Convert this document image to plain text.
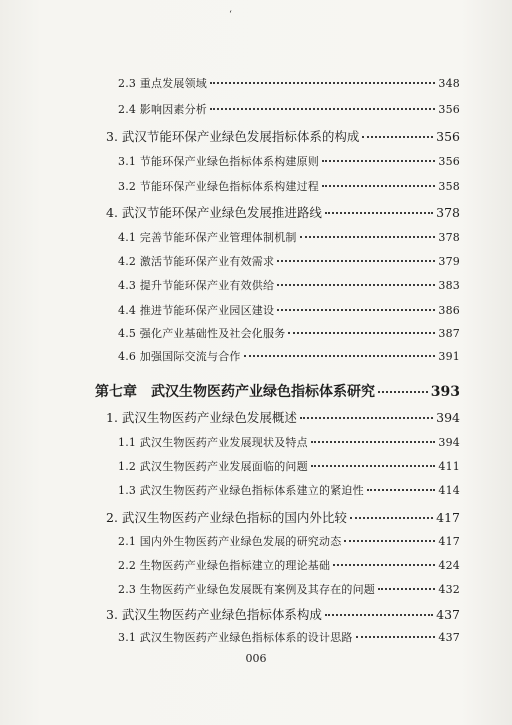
‘
2.3 重点发展领域	348
2.4 影响因素分析	356
3. 武汉节能环保产业绿色发展指标体系的构成	356
3.1 节能环保产业绿色指标体系构建原则	356
3.2 节能环保产业绿色指标体系构建过程	358
4. 武汉节能环保产业绿色发展推进路线	378
4.1 完善节能环保产业管理体制机制	378
4.2 激活节能环保产业有效需求	379
4.3 提升节能环保产业有效供给	383
4.4 推进节能环保产业园区建设	386
4.5 强化产业基础性及社会化服务	387
4.6 加强国际交流与合作	391
第七章　武汉生物医药产业绿色指标体系研究	393
1. 武汉生物医药产业绿色发展概述	394
1.1 武汉生物医药产业发展现状及特点	394
1.2 武汉生物医药产业发展面临的问题	411
1.3 武汉生物医药产业绿色指标体系建立的紧迫性	414
2. 武汉生物医药产业绿色指标的国内外比较	417
2.1 国内外生物医药产业绿色发展的研究动态	417
2.2 生物医药产业绿色指标建立的理论基础	424
2.3 生物医药产业绿色发展既有案例及其存在的问题	432
3. 武汉生物医药产业绿色指标体系构成	437
3.1 武汉生物医药产业绿色指标体系的设计思路	437
006
